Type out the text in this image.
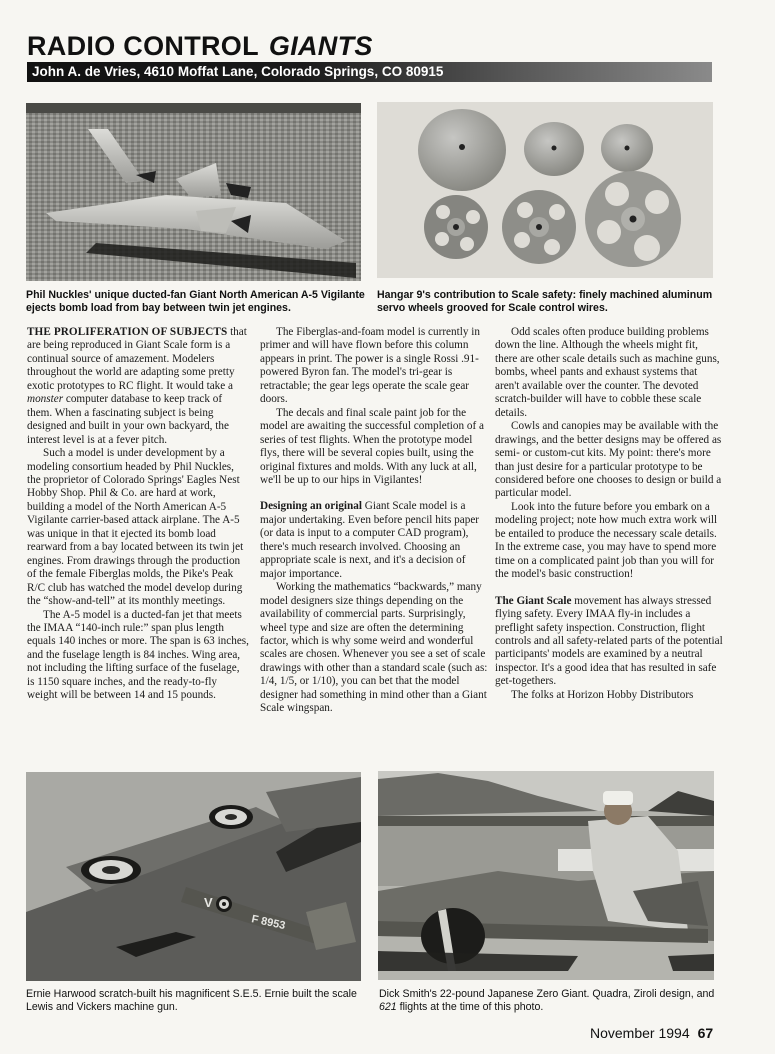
RADIO CONTROL GIANTS
John A. de Vries, 4610 Moffat Lane, Colorado Springs, CO 80915
Phil Nuckles' unique ducted-fan Giant North American A-5 Vigilante ejects bomb load from bay between twin jet engines.
Hangar 9's contribution to Scale safety: finely machined aluminum servo wheels grooved for Scale control wires.

THE PROLIFERATION OF SUBJECTS that are being reproduced in Giant Scale form is a continual source of amazement. Modelers throughout the world are adapting some pretty exotic prototypes to RC flight. It would take a monster computer database to keep track of them. When a fascinating subject is being designed and built in your own backyard, the interest level is at a fever pitch.

Such a model is under development by a modeling consortium headed by Phil Nuckles, the proprietor of Colorado Springs' Eagles Nest Hobby Shop. Phil & Co. are hard at work, building a model of the North American A-5 Vigilante carrier-based attack airplane. The A-5 was unique in that it ejected its bomb load rearward from a bay located between its twin jet engines. From drawings through the production of the female Fiberglas molds, the Pike's Peak R/C club has watched the model develop during the “show-and-tell” at its monthly meetings.

The A-5 model is a ducted-fan jet that meets the IMAA “140-inch rule:” span plus length equals 140 inches or more. The span is 63 inches, and the fuselage length is 84 inches. Wing area, not including the lifting surface of the fuselage, is 1150 square inches, and the ready-to-fly weight will be between 14 and 15 pounds.

The Fiberglas-and-foam model is currently in primer and will have flown before this column appears in print. The power is a single Rossi .91-powered Byron fan. The model's tri-gear is retractable; the gear legs operate the scale gear doors.

The decals and final scale paint job for the model are awaiting the successful completion of a series of test flights. When the prototype model flys, there will be several copies built, using the original fixtures and molds. With any luck at all, we'll be up to our hips in Vigilantes!

Designing an original Giant Scale model is a major undertaking. Even before pencil hits paper (or data is input to a computer CAD program), there's much research involved. Choosing an appropriate scale is next, and it's a decision of major importance.

Working the mathematics “backwards,” many model designers size things depending on the availability of commercial parts. Surprisingly, wheel type and size are often the determining factor, which is why some weird and wonderful scales are chosen. Whenever you see a set of scale drawings with other than a standard scale (such as: 1/4, 1/5, or 1/10), you can bet that the model designer had something in mind other than a Giant Scale wingspan.

Odd scales often produce building problems down the line. Although the wheels might fit, there are other scale details such as machine guns, bombs, wheel pants and exhaust systems that aren't available over the counter. The devoted scratch-builder will have to cobble these scale details.

Cowls and canopies may be available with the drawings, and the better designs may be offered as semi- or custom-cut kits. My point: there's more than just desire for a particular prototype to be considered before one chooses to design or build a particular model.

Look into the future before you embark on a modeling project; note how much extra work will be entailed to produce the necessary scale details. In the extreme case, you may have to spend more time on a complicated paint job than you will for the model's basic construction!

The Giant Scale movement has always stressed flying safety. Every IMAA fly-in includes a preflight safety inspection. Construction, flight controls and all safety-related parts of the potential participants' models are examined by a neutral inspector. It's a good idea that has resulted in safe get-togethers.

The folks at Horizon Hobby Distributors

V
F 8953
Ernie Harwood scratch-built his magnificent S.E.5. Ernie built the scale Lewis and Vickers machine gun.
Dick Smith's 22-pound Japanese Zero Giant. Quadra, Ziroli design, and 621 flights at the time of this photo.
November 1994 67
